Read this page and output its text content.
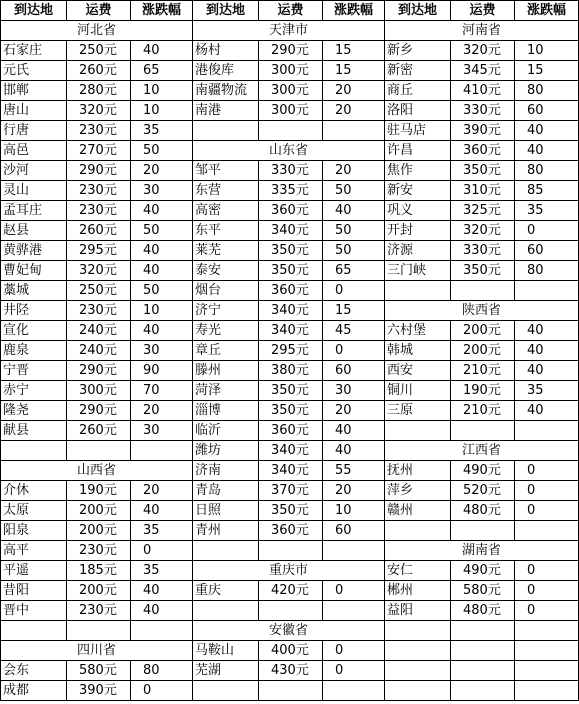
到达地	运费	涨跌幅	到达地	运费	涨跌幅	到达地	运费	涨跌幅
河北省			天津市			河南省		
石家庄	250元	40	杨村	290元	15	新乡	320元	10
元氏	260元	65	港俊库	300元	15	新密	345元	15
邯郸	280元	10	南疆物流	300元	20	商丘	410元	80
唐山	320元	10	南港	300元	20	洛阳	330元	60
行唐	230元	35				驻马店	390元	40
高邑	270元	50	山东省			许昌	360元	40
沙河	290元	20	邹平	330元	20	焦作	350元	80
灵山	230元	30	东营	335元	50	新安	310元	85
孟耳庄	230元	40	高密	360元	40	巩义	325元	35
赵县	260元	50	东平	340元	50	开封	320元	0
黄骅港	295元	40	莱芜	350元	50	济源	330元	60
曹妃甸	320元	40	泰安	350元	65	三门峡	350元	80
藁城	250元	50	烟台	360元	0			
井陉	230元	10	济宁	340元	15	陕西省		
宣化	240元	40	寿光	340元	45	六村堡	200元	40
鹿泉	240元	30	章丘	295元	0	韩城	200元	40
宁晋	290元	90	滕州	380元	60	西安	210元	40
赤宁	300元	70	菏泽	350元	30	铜川	190元	35
隆尧	290元	20	淄博	350元	20	三原	210元	40
献县	260元	30	临沂	360元	40			
			潍坊	340元	40	江西省		
山西省			济南	340元	55	抚州	490元	0
介休	190元	20	青岛	370元	20	萍乡	520元	0
太原	200元	40	日照	350元	10	赣州	480元	0
阳泉	200元	35	青州	360元	60			
高平	230元	0				湖南省		
平遥	185元	35	重庆市			安仁	490元	0
昔阳	200元	40	重庆	420元	0	郴州	580元	0
晋中	230元	40				益阳	480元	0
			安徽省					
四川省			马鞍山	400元	0			
会东	580元	80	芜湖	430元	0			
成都	390元	0						
